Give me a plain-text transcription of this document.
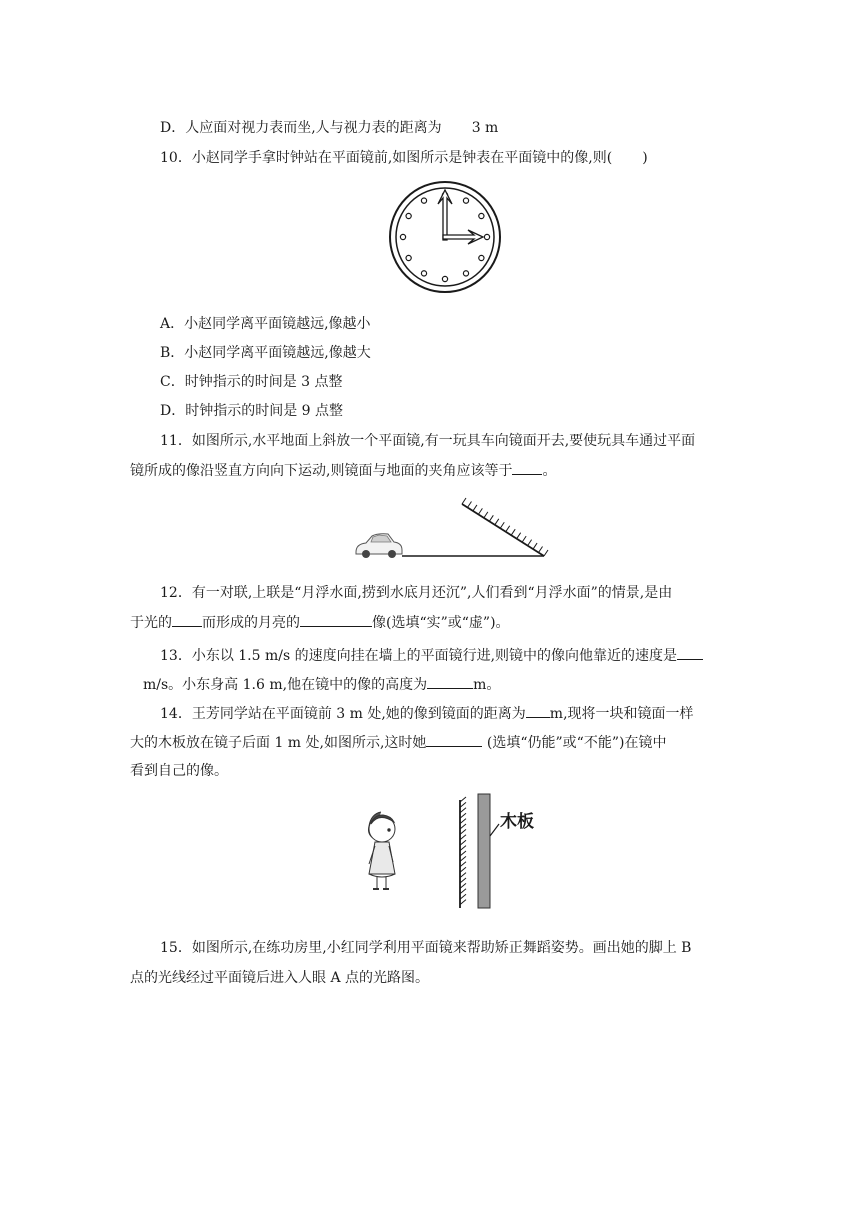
D．人应面对视力表而坐,人与视力表的距离为 3 m
10．小赵同学手拿时钟站在平面镜前,如图所示是钟表在平面镜中的像,则( )
A．小赵同学离平面镜越远,像越小
B．小赵同学离平面镜越远,像越大
C．时钟指示的时间是 3 点整
D．时钟指示的时间是 9 点整
11．如图所示,水平地面上斜放一个平面镜,有一玩具车向镜面开去,要使玩具车通过平面
镜所成的像沿竖直方向向下运动,则镜面与地面的夹角应该等于 。
12．有一对联,上联是“月浮水面,捞到水底月还沉”,人们看到“月浮水面”的情景,是由
于光的 而形成的月亮的	像(选填“实”或“虚”)。
13．小东以 1.5 m/s 的速度向挂在墙上的平面镜行进,则镜中的像向他靠近的速度是
m/s。小东身高 1.6 m,他在镜中的像的高度为	m。
14．王芳同学站在平面镜前 3 m 处,她的像到镜面的距离为 m,现将一块和镜面一样
大的木板放在镜子后面 1 m 处,如图所示,这时她	(选填“仍能”或“不能”)在镜中
看到自己的像。
木板
15．如图所示,在练功房里,小红同学利用平面镜来帮助矫正舞蹈姿势。画出她的脚上 B
点的光线经过平面镜后进入人眼 A 点的光路图。
